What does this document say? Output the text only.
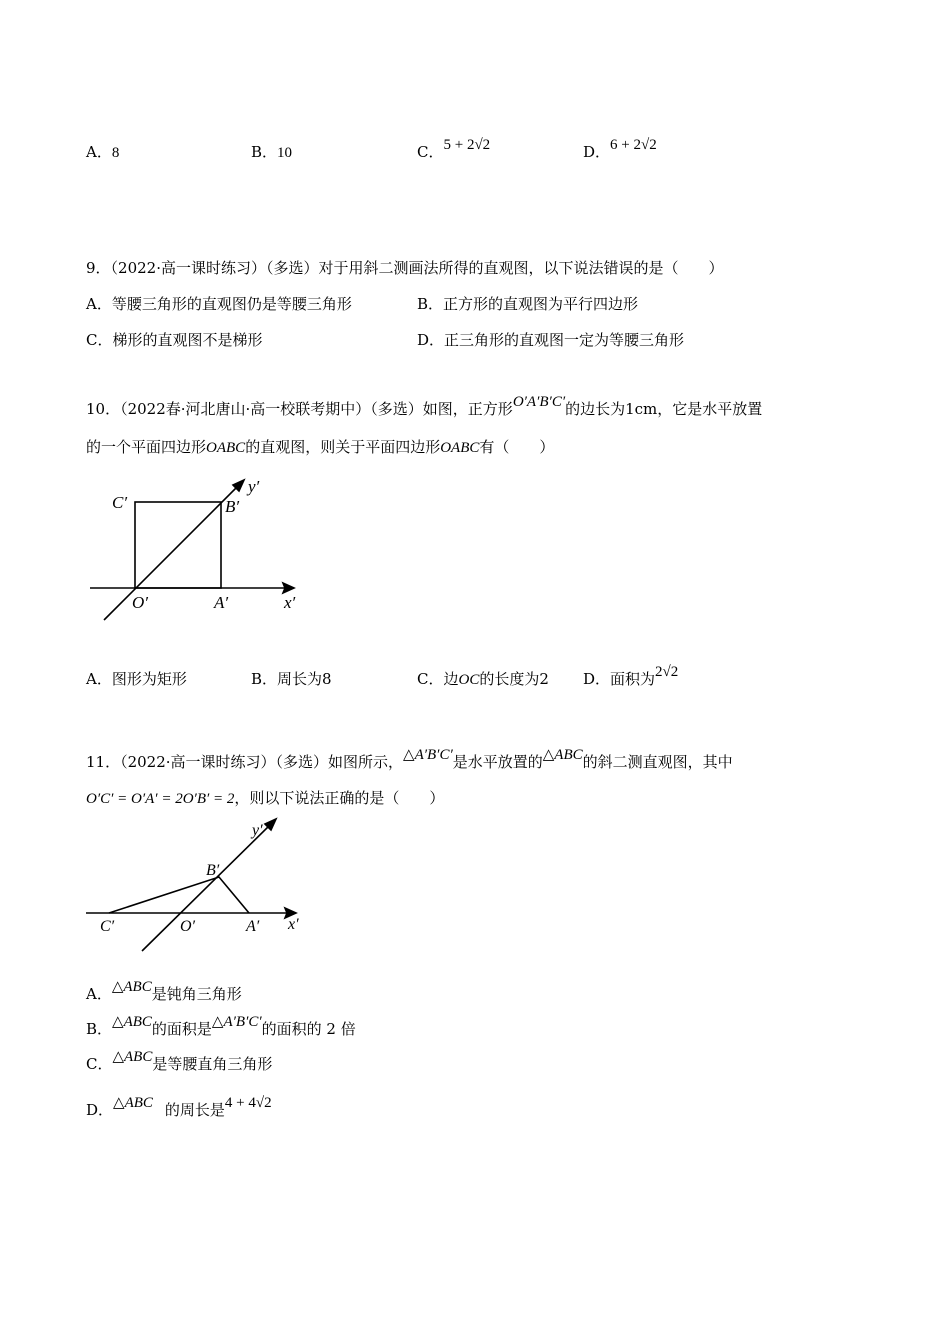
A．8	B．10	C．5 + 2√2	D．6 + 2√2
9．（2022·高一课时练习）（多选）对于用斜二测画法所得的直观图，以下说法错误的是（　　）
A．等腰三角形的直观图仍是等腰三角形	B．正方形的直观图为平行四边形
C．梯形的直观图不是梯形	D．正三角形的直观图一定为等腰三角形
10．（2022春·河北唐山·高一校联考期中）（多选）如图，正方形O′A′B′C′的边长为1cm，它是水平放置
的一个平面四边形OABC的直观图，则关于平面四边形OABC有（　　）
C′	B′
O′	A′	x′
y′
A．图形为矩形	B．周长为8	C．边OC的长度为2 D．面积为2√2
11．（2022·高一课时练习）（多选）如图所示，△A′B′C′是水平放置的△ABC的斜二测直观图，其中
O′C′ = O′A′ = 2O′B′ = 2，则以下说法正确的是（　　）
y′
B′
C′	O′	A′ x′
A．△ABC是钝角三角形
B．△ABC的面积是△A′B′C′的面积的 2 倍
C．△ABC是等腰直角三角形
D．△ABC 的周长是4 + 4√2
